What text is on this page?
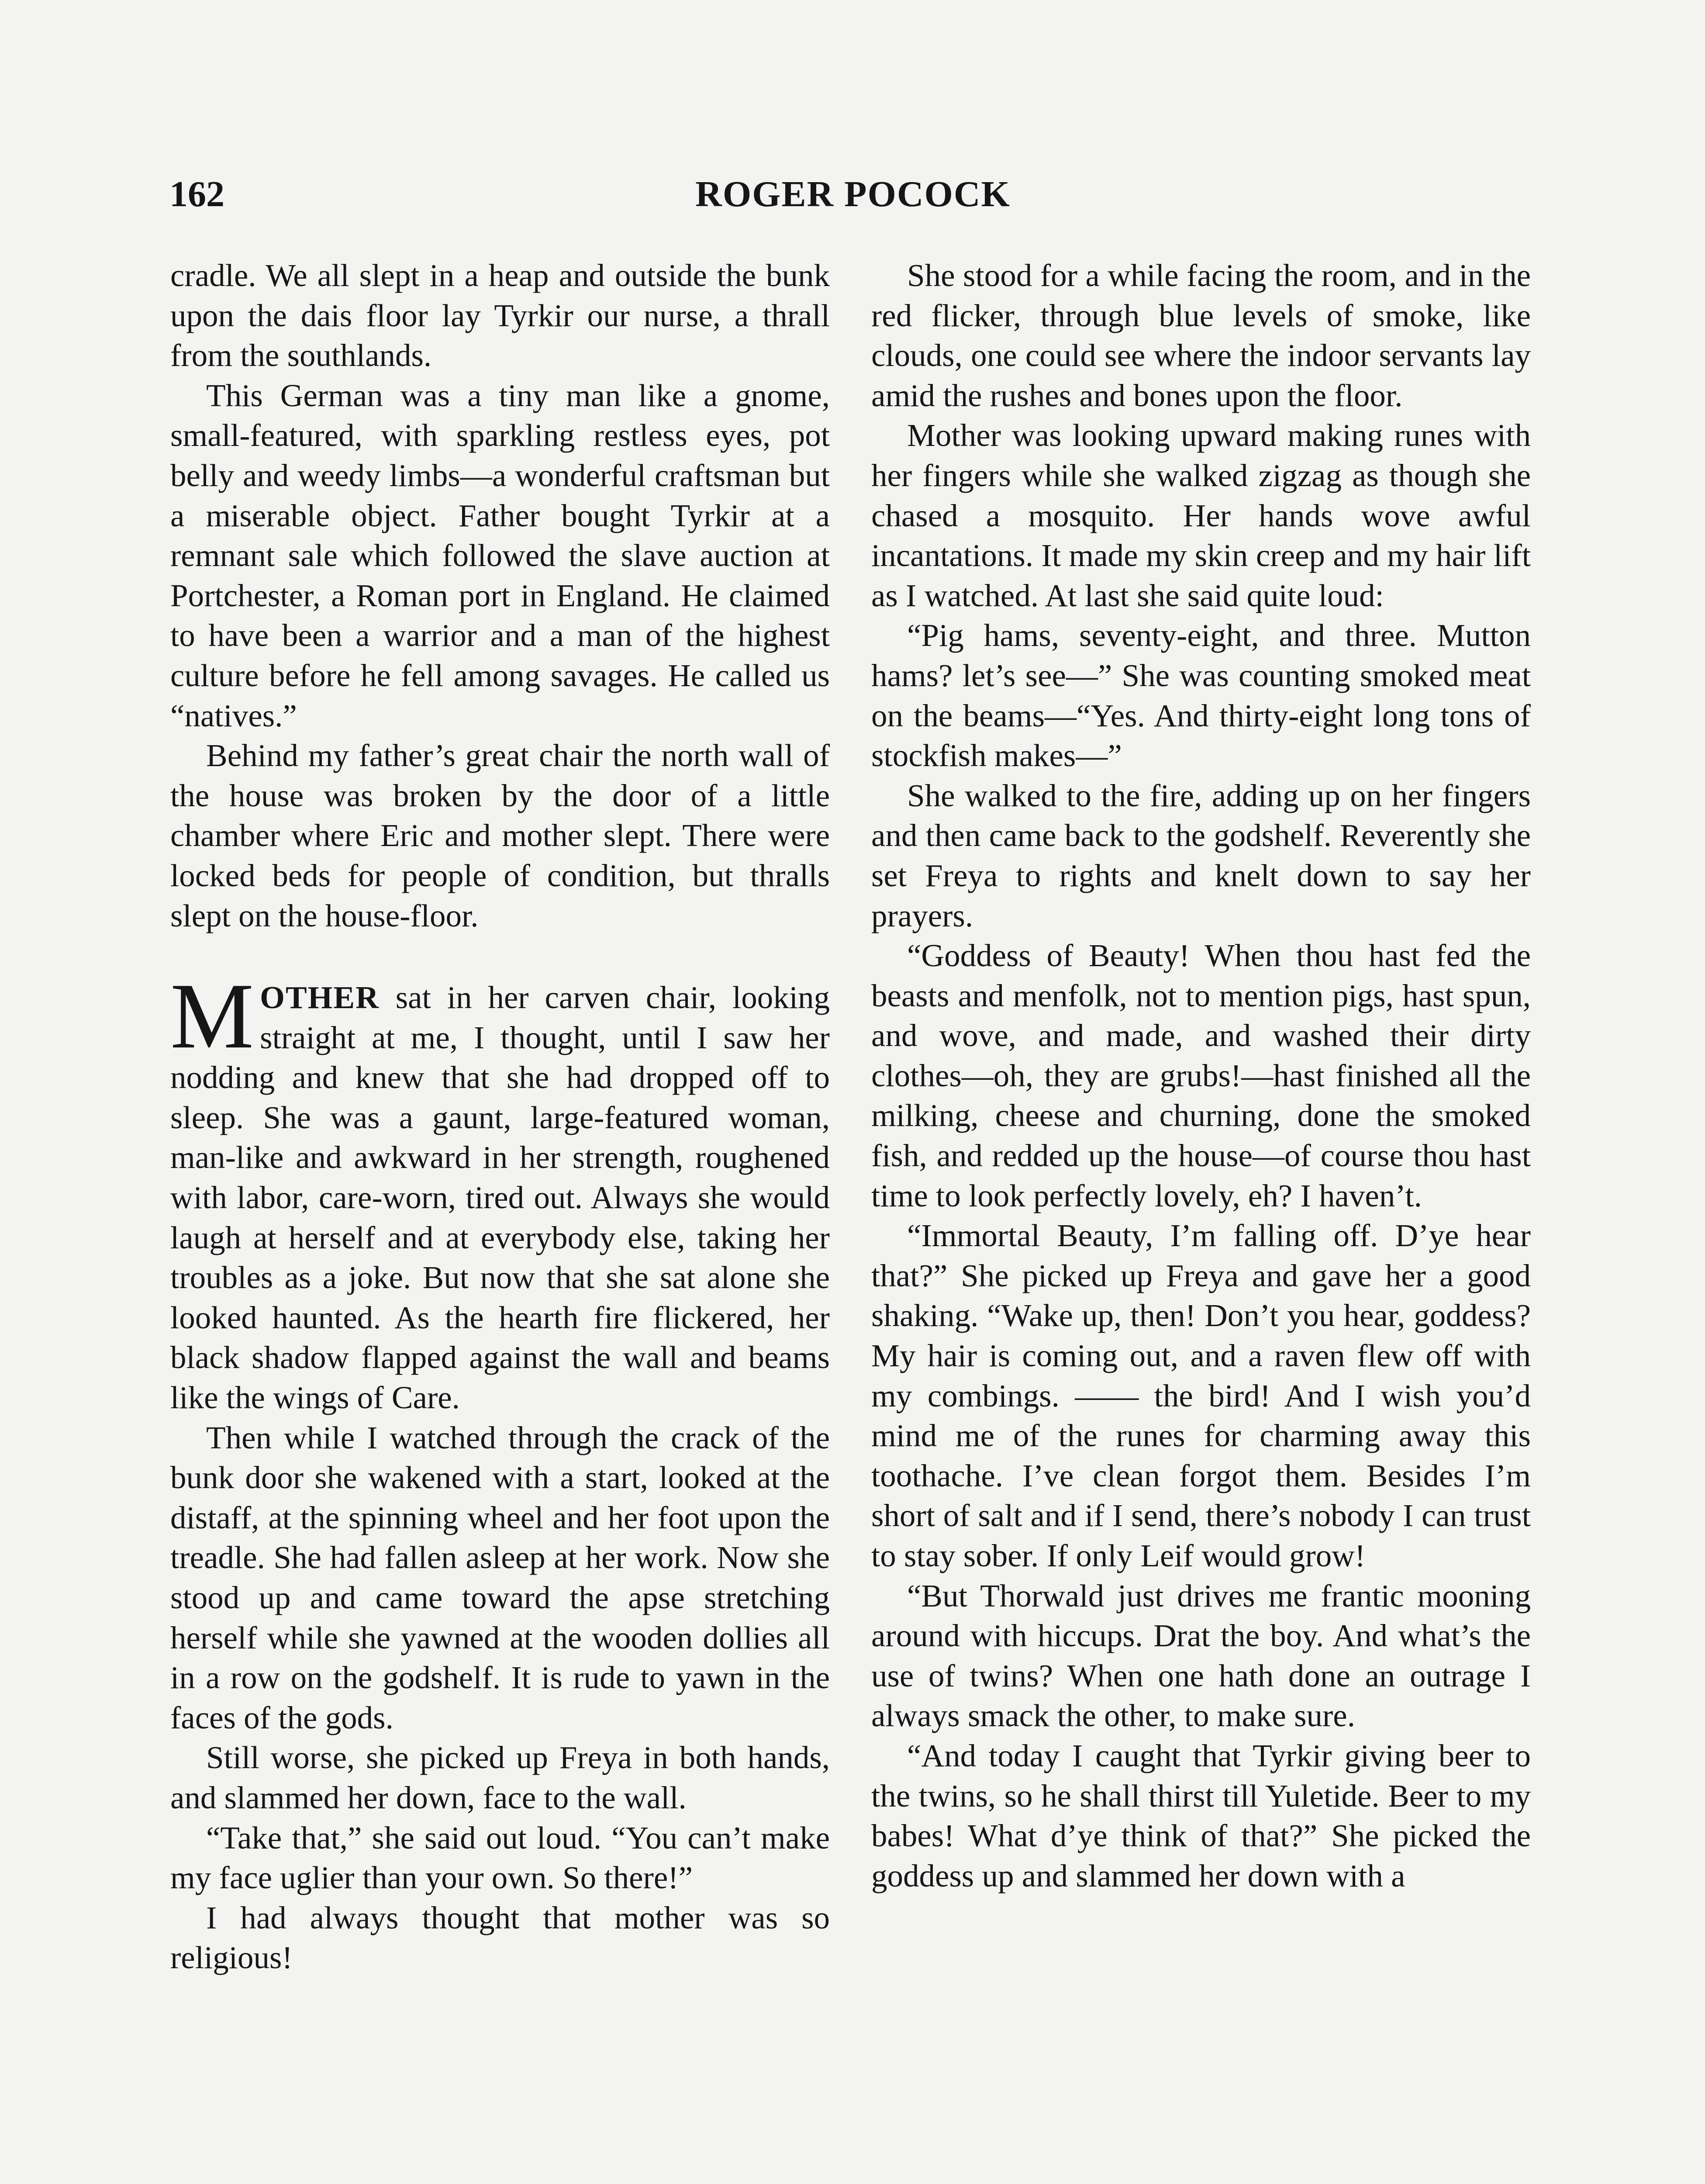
162	ROGER POCOCK

cradle. We all slept in a heap and outside the bunk upon the dais floor lay Tyrkir our nurse, a thrall from the southlands.

This German was a tiny man like a gnome, small-featured, with sparkling restless eyes, pot belly and weedy limbs—a wonderful craftsman but a miserable object. Father bought Tyrkir at a remnant sale which followed the slave auction at Portchester, a Roman port in England. He claimed to have been a warrior and a man of the highest culture before he fell among savages. He called us “natives.”

Behind my father’s great chair the north wall of the house was broken by the door of a little chamber where Eric and mother slept. There were locked beds for people of condition, but thralls slept on the house-floor.

MOTHER sat in her carven chair, looking straight at me, I thought, until I saw her nodding and knew that she had dropped off to sleep. She was a gaunt, large-featured woman, man-like and awkward in her strength, roughened with labor, care-worn, tired out. Always she would laugh at herself and at everybody else, taking her troubles as a joke. But now that she sat alone she looked haunted. As the hearth fire flickered, her black shadow flapped against the wall and beams like the wings of Care.

Then while I watched through the crack of the bunk door she wakened with a start, looked at the distaff, at the spinning wheel and her foot upon the treadle. She had fallen asleep at her work. Now she stood up and came toward the apse stretching herself while she yawned at the wooden dollies all in a row on the godshelf. It is rude to yawn in the faces of the gods.

Still worse, she picked up Freya in both hands, and slammed her down, face to the wall.

“Take that,” she said out loud. “You can’t make my face uglier than your own. So there!”

I had always thought that mother was so religious!

She stood for a while facing the room, and in the red flicker, through blue levels of smoke, like clouds, one could see where the indoor servants lay amid the rushes and bones upon the floor.

Mother was looking upward making runes with her fingers while she walked zigzag as though she chased a mosquito. Her hands wove awful incantations. It made my skin creep and my hair lift as I watched. At last she said quite loud:

“Pig hams, seventy-eight, and three. Mutton hams? let’s see—” She was counting smoked meat on the beams—“Yes. And thirty-eight long tons of stockfish makes—”

She walked to the fire, adding up on her fingers and then came back to the godshelf. Reverently she set Freya to rights and knelt down to say her prayers.

“Goddess of Beauty! When thou hast fed the beasts and menfolk, not to mention pigs, hast spun, and wove, and made, and washed their dirty clothes—oh, they are grubs!—hast finished all the milking, cheese and churning, done the smoked fish, and redded up the house—of course thou hast time to look perfectly lovely, eh? I haven’t.

“Immortal Beauty, I’m falling off. D’ye hear that?” She picked up Freya and gave her a good shaking. “Wake up, then! Don’t you hear, goddess? My hair is coming out, and a raven flew off with my combings. —— the bird! And I wish you’d mind me of the runes for charming away this toothache. I’ve clean forgot them. Besides I’m short of salt and if I send, there’s nobody I can trust to stay sober. If only Leif would grow!

“But Thorwald just drives me frantic mooning around with hiccups. Drat the boy. And what’s the use of twins? When one hath done an outrage I always smack the other, to make sure.

“And today I caught that Tyrkir giving beer to the twins, so he shall thirst till Yuletide. Beer to my babes! What d’ye think of that?” She picked the goddess up and slammed her down with a
